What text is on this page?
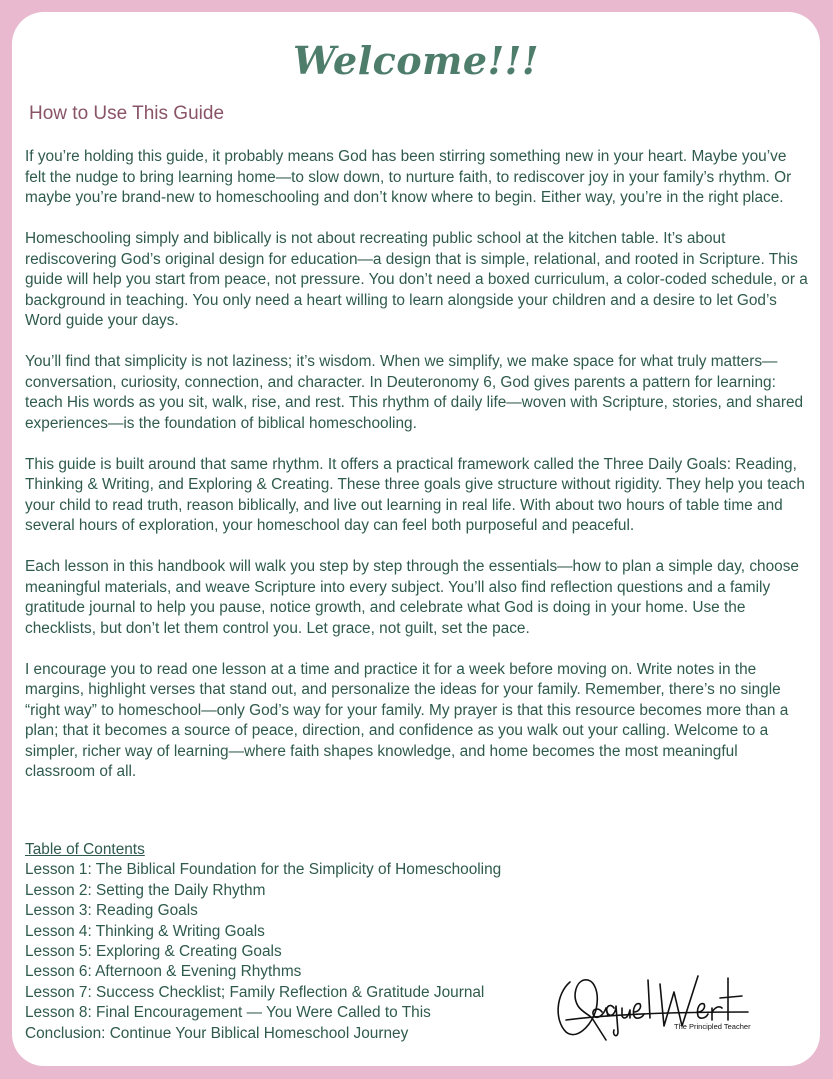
Welcome!!!
How to Use This Guide

If you’re holding this guide, it probably means God has been stirring something new in your heart. Maybe you’ve felt the nudge to bring learning home—to slow down, to nurture faith, to rediscover joy in your family’s rhythm. Or maybe you’re brand-new to homeschooling and don’t know where to begin. Either way, you’re in the right place.

Homeschooling simply and biblically is not about recreating public school at the kitchen table. It’s about rediscovering God’s original design for education—a design that is simple, relational, and rooted in Scripture. This guide will help you start from peace, not pressure. You don’t need a boxed curriculum, a color-coded schedule, or a background in teaching. You only need a heart willing to learn alongside your children and a desire to let God’s Word guide your days.

You’ll find that simplicity is not laziness; it’s wisdom. When we simplify, we make space for what truly matters—conversation, curiosity, connection, and character. In Deuteronomy 6, God gives parents a pattern for learning: teach His words as you sit, walk, rise, and rest. This rhythm of daily life—woven with Scripture, stories, and shared experiences—is the foundation of biblical homeschooling.

This guide is built around that same rhythm. It offers a practical framework called the Three Daily Goals: Reading, Thinking & Writing, and Exploring & Creating. These three goals give structure without rigidity. They help you teach your child to read truth, reason biblically, and live out learning in real life. With about two hours of table time and several hours of exploration, your homeschool day can feel both purposeful and peaceful.

Each lesson in this handbook will walk you step by step through the essentials—how to plan a simple day, choose meaningful materials, and weave Scripture into every subject. You’ll also find reflection questions and a family gratitude journal to help you pause, notice growth, and celebrate what God is doing in your home. Use the checklists, but don’t let them control you. Let grace, not guilt, set the pace.

I encourage you to read one lesson at a time and practice it for a week before moving on. Write notes in the margins, highlight verses that stand out, and personalize the ideas for your family. Remember, there’s no single “right way” to homeschool—only God’s way for your family. My prayer is that this resource becomes more than a plan; that it becomes a source of peace, direction, and confidence as you walk out your calling. Welcome to a simpler, richer way of learning—where faith shapes knowledge, and home becomes the most meaningful classroom of all.

Table of Contents
Lesson 1: The Biblical Foundation for the Simplicity of Homeschooling
Lesson 2: Setting the Daily Rhythm
Lesson 3: Reading Goals
Lesson 4: Thinking & Writing Goals
Lesson 5: Exploring & Creating Goals
Lesson 6: Afternoon & Evening Rhythms
Lesson 7: Success Checklist; Family Reflection & Gratitude Journal
Lesson 8: Final Encouragement — You Were Called to This
Conclusion: Continue Your Biblical Homeschool Journey	The Principled Teacher
